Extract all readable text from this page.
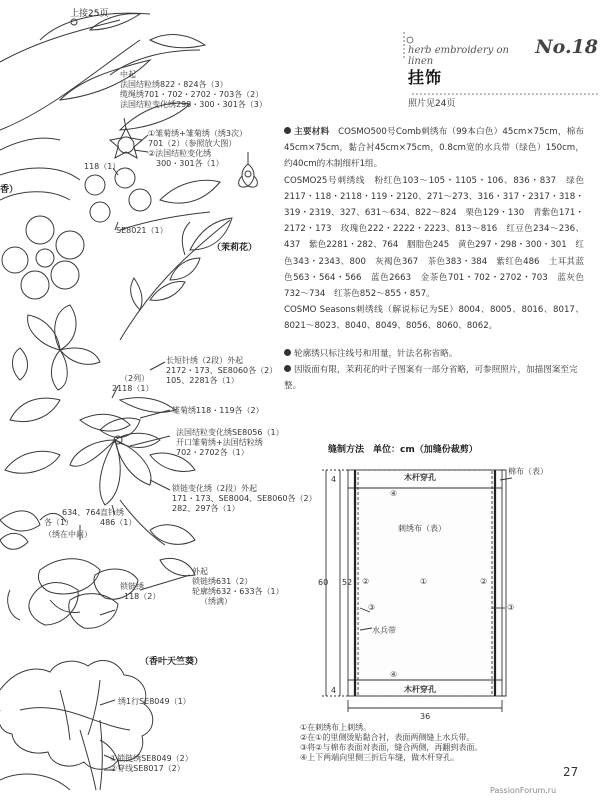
上接25页
herb embroidery on linen
No.18
挂饰
照片见24页

主要材料　 COSMO500号Comb刺绣布（99本白色）45cm×75cm，棉布45cm×75cm，黏合衬45cm×75cm，0.8cm宽的水兵带（绿色）150cm，约40cm的木制细杆1组。

COSMO25号刺绣线　粉红色103～105・1105・106、836・837　绿色2117・118・2118・119・2120、271～273、316・317・2317・318・319・2319、327、631～634、822～824　栗色129・130　青紫色171・2172・173　玫瑰色222・2222・2223、813～816　红豆色234～236、437　紫色2281・282、764　胭脂色245　黄色297・298・300・301　红色343・2343、800　灰褐色367　茶色383・384　紫红色486　土耳其蓝色563・564・566　蓝色2663　金茶色701・702・2702・703　蓝灰色732～734　红茶色852～855・857。

COSMO Seasons刺绣线（解说标记为SE）8004、8005、8016、8017、8021～8023、8040、8049、8056、8060、8062。

轮廓绣只标注线号和用量，针法名称省略。

因版面有限，茉莉花的叶子图案有一部分省略，可参照照片，加描图案至完整。

缝制方法　单位：cm（加缝份裁剪）
棉布（表）
木杆穿孔
木杆穿孔
刺绣布（表）
水兵带
④
④
①
②	②
③	③
4
4
60 52
36
①在刺绣布上刺绣。
②在①的里侧烫贴黏合衬，表面两侧缝上水兵带。
③将②与棉布表面对表面，缝合两侧，再翻到表面。
④上下两端向里侧三折后车缝，做木杆穿孔。
中起
法国结粒绣822・824各（3）
缆绳绣701・702・2702・703各（2）
法国结粒变化绣298・300・301各（3）
①雏菊绣+雏菊绣（绣3次）
701（2）（参照放大图）
②法国结粒变化绣
300・301各（1）
118（1）
SE8021（1）
（茉莉花）
香）
长短针绣（2段）外起
2172・173、SE8060各（2）
（2列） 105、2281各（1）
2118（1）
雏菊绣118・119各（2）
法国结粒变化绣SE8056（1）
开口雏菊绣+法国结粒绣
702・2702各（1）
锁链变化绣（2段）外起
171・173、SE8004、SE8060各（2）
282、297各（1）
634、764
各（1）
（绣在中间）
直针绣
486（1）
外起
锁链绣631（2）
轮廓绣632・633各（1）
（绣满）
锁链绣
118（2）
（香叶天竺葵）
绣1行SE8049（1）
①锁链绣SE8049（2）
②穿线SE8017（2）	27
PassionForum.ru
